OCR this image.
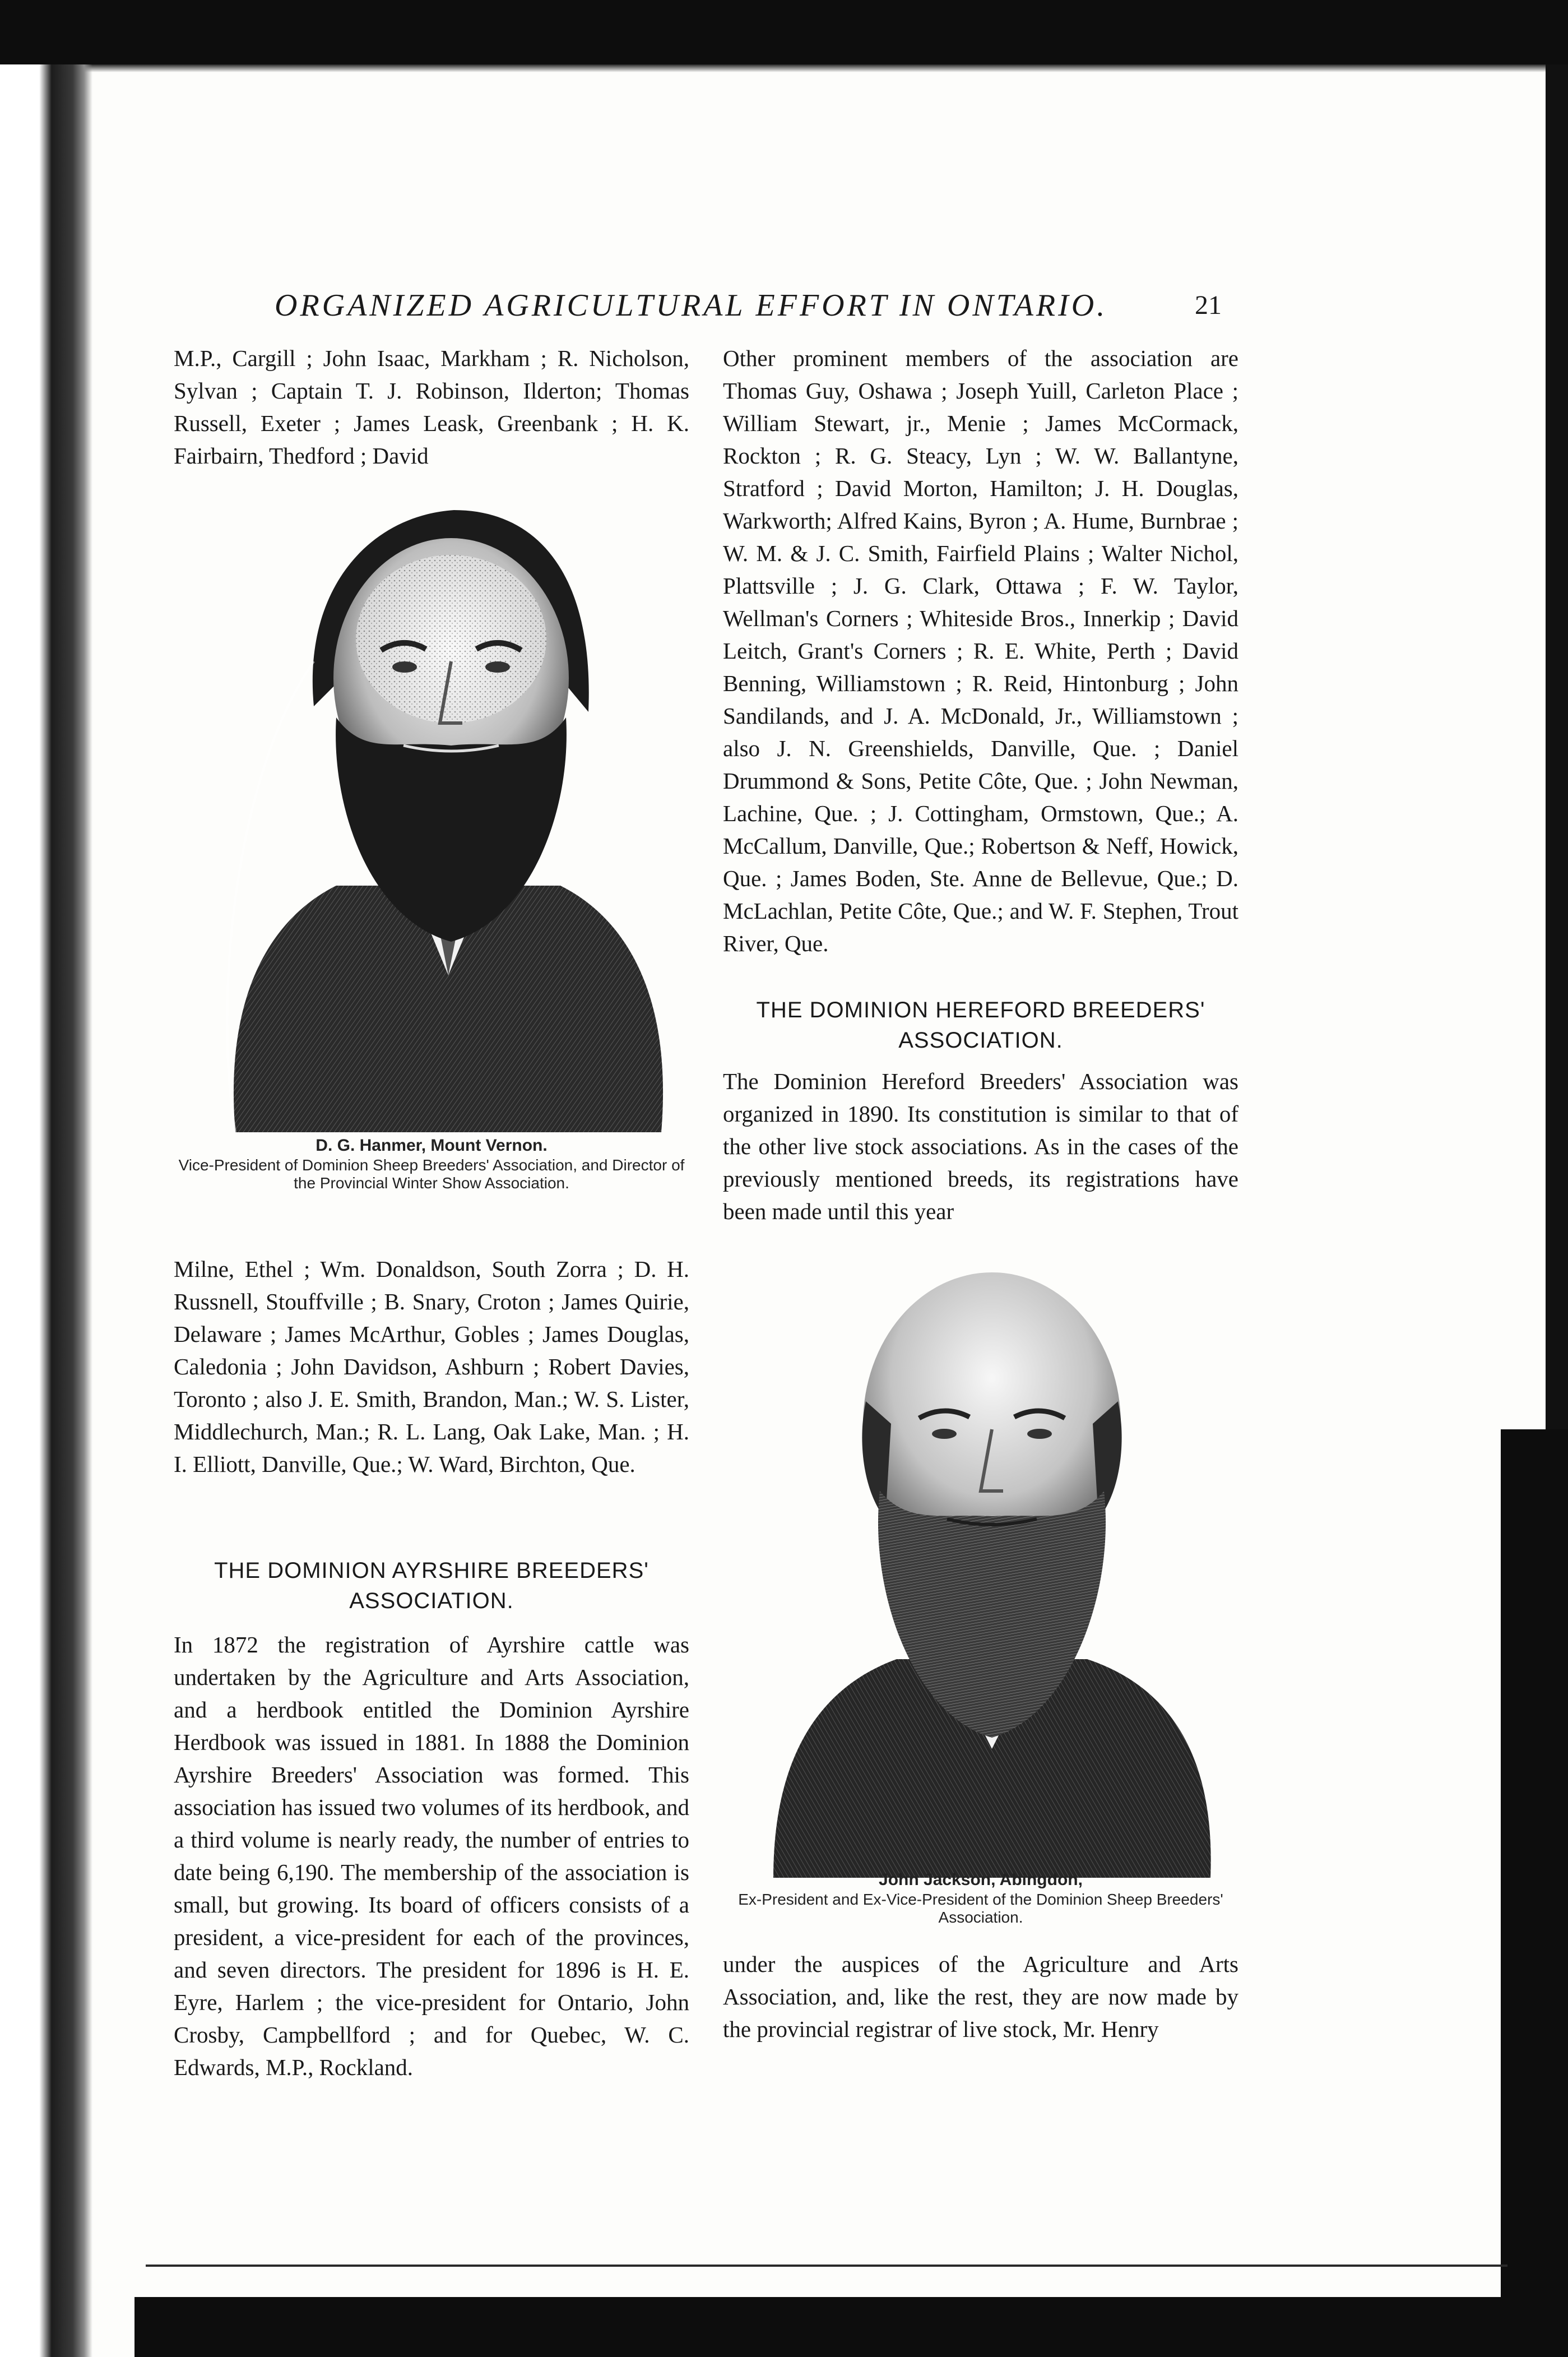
ORGANIZED AGRICULTURAL EFFORT IN ONTARIO.	21

M.P., Cargill ; John Isaac, Markham ; R. Nicholson, Sylvan ; Captain T. J. Robinson, Ilderton; Thomas Russell, Exeter ; James Leask, Greenbank ; H. K. Fairbairn, Thedford ; David

D. G. Hanmer, Mount Vernon.
Vice-President of Dominion Sheep Breeders' Association, and Director of the Provincial Winter Show Association.

Milne, Ethel ; Wm. Donaldson, South Zorra ; D. H. Russnell, Stouffville ; B. Snary, Croton ; James Quirie, Delaware ; James McArthur, Gobles ; James Douglas, Caledonia ; John Davidson, Ashburn ; Robert Davies, Toronto ; also J. E. Smith, Brandon, Man.; W. S. Lister, Middlechurch, Man.; R. L. Lang, Oak Lake, Man. ; H. I. Elliott, Danville, Que.; W. Ward, Birchton, Que.

THE DOMINION AYRSHIRE BREEDERS' ASSOCIATION.

In 1872 the registration of Ayrshire cattle was undertaken by the Agriculture and Arts Association, and a herdbook entitled the Dominion Ayrshire Herdbook was issued in 1881. In 1888 the Dominion Ayrshire Breeders' Association was formed. This association has issued two volumes of its herdbook, and a third volume is nearly ready, the number of entries to date being 6,190. The membership of the association is small, but growing. Its board of officers consists of a president, a vice-president for each of the provinces, and seven directors. The president for 1896 is H. E. Eyre, Harlem ; the vice-president for Ontario, John Crosby, Campbellford ; and for Quebec, W. C. Edwards, M.P., Rockland.

Other prominent members of the association are Thomas Guy, Oshawa ; Joseph Yuill, Carleton Place ; William Stewart, jr., Menie ; James McCormack, Rockton ; R. G. Steacy, Lyn ; W. W. Ballantyne, Stratford ; David Morton, Hamilton; J. H. Douglas, Warkworth; Alfred Kains, Byron ; A. Hume, Burnbrae ; W. M. & J. C. Smith, Fairfield Plains ; Walter Nichol, Plattsville ; J. G. Clark, Ottawa ; F. W. Taylor, Wellman's Corners ; Whiteside Bros., Innerkip ; David Leitch, Grant's Corners ; R. E. White, Perth ; David Benning, Williamstown ; R. Reid, Hintonburg ; John Sandilands, and J. A. McDonald, Jr., Williamstown ; also J. N. Greenshields, Danville, Que. ; Daniel Drummond & Sons, Petite Côte, Que. ; John Newman, Lachine, Que. ; J. Cottingham, Ormstown, Que.; A. McCallum, Danville, Que.; Robertson & Neff, Howick, Que. ; James Boden, Ste. Anne de Bellevue, Que.; D. McLachlan, Petite Côte, Que.; and W. F. Stephen, Trout River, Que.

THE DOMINION HEREFORD BREEDERS' ASSOCIATION.

The Dominion Hereford Breeders' Association was organized in 1890. Its constitution is similar to that of the other live stock associations. As in the cases of the previously mentioned breeds, its registrations have been made until this year

John Jackson, Abingdon,
Ex-President and Ex-Vice-President of the Dominion Sheep Breeders' Association.

under the auspices of the Agriculture and Arts Association, and, like the rest, they are now made by the provincial registrar of live stock, Mr. Henry
